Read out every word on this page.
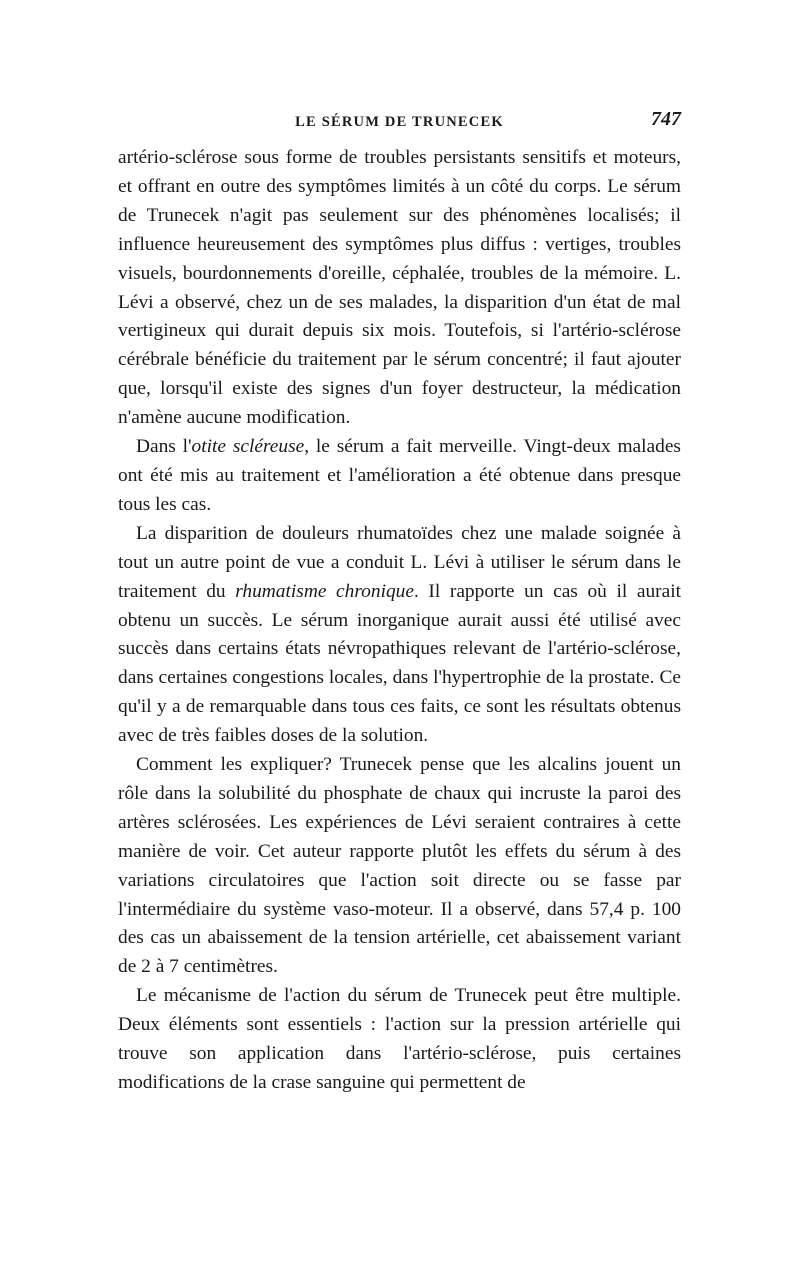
LE SÉRUM DE TRUNECEK	747

artério-sclérose sous forme de troubles persistants sensitifs et moteurs, et offrant en outre des symptômes limités à un côté du corps. Le sérum de Trunecek n'agit pas seulement sur des phénomènes localisés; il influence heureusement des symptômes plus diffus : vertiges, troubles visuels, bourdonnements d'oreille, céphalée, troubles de la mémoire. L. Lévi a observé, chez un de ses malades, la disparition d'un état de mal vertigineux qui durait depuis six mois. Toutefois, si l'artério-sclérose cérébrale bénéficie du traitement par le sérum concentré; il faut ajouter que, lorsqu'il existe des signes d'un foyer destructeur, la médication n'amène aucune modification.

Dans l'otite scléreuse, le sérum a fait merveille. Vingt-deux malades ont été mis au traitement et l'amélioration a été obtenue dans presque tous les cas.

La disparition de douleurs rhumatoïdes chez une malade soignée à tout un autre point de vue a conduit L. Lévi à utiliser le sérum dans le traitement du rhumatisme chronique. Il rapporte un cas où il aurait obtenu un succès. Le sérum inorganique aurait aussi été utilisé avec succès dans certains états névropathiques relevant de l'artério-sclérose, dans certaines congestions locales, dans l'hypertrophie de la prostate. Ce qu'il y a de remarquable dans tous ces faits, ce sont les résultats obtenus avec de très faibles doses de la solution.

Comment les expliquer? Trunecek pense que les alcalins jouent un rôle dans la solubilité du phosphate de chaux qui incruste la paroi des artères sclérosées. Les expériences de Lévi seraient contraires à cette manière de voir. Cet auteur rapporte plutôt les effets du sérum à des variations circulatoires que l'action soit directe ou se fasse par l'intermédiaire du système vaso-moteur. Il a observé, dans 57,4 p. 100 des cas un abaissement de la tension artérielle, cet abaissement variant de 2 à 7 centimètres.

Le mécanisme de l'action du sérum de Trunecek peut être multiple. Deux éléments sont essentiels : l'action sur la pression artérielle qui trouve son application dans l'artério-sclérose, puis certaines modifications de la crase sanguine qui permettent de
